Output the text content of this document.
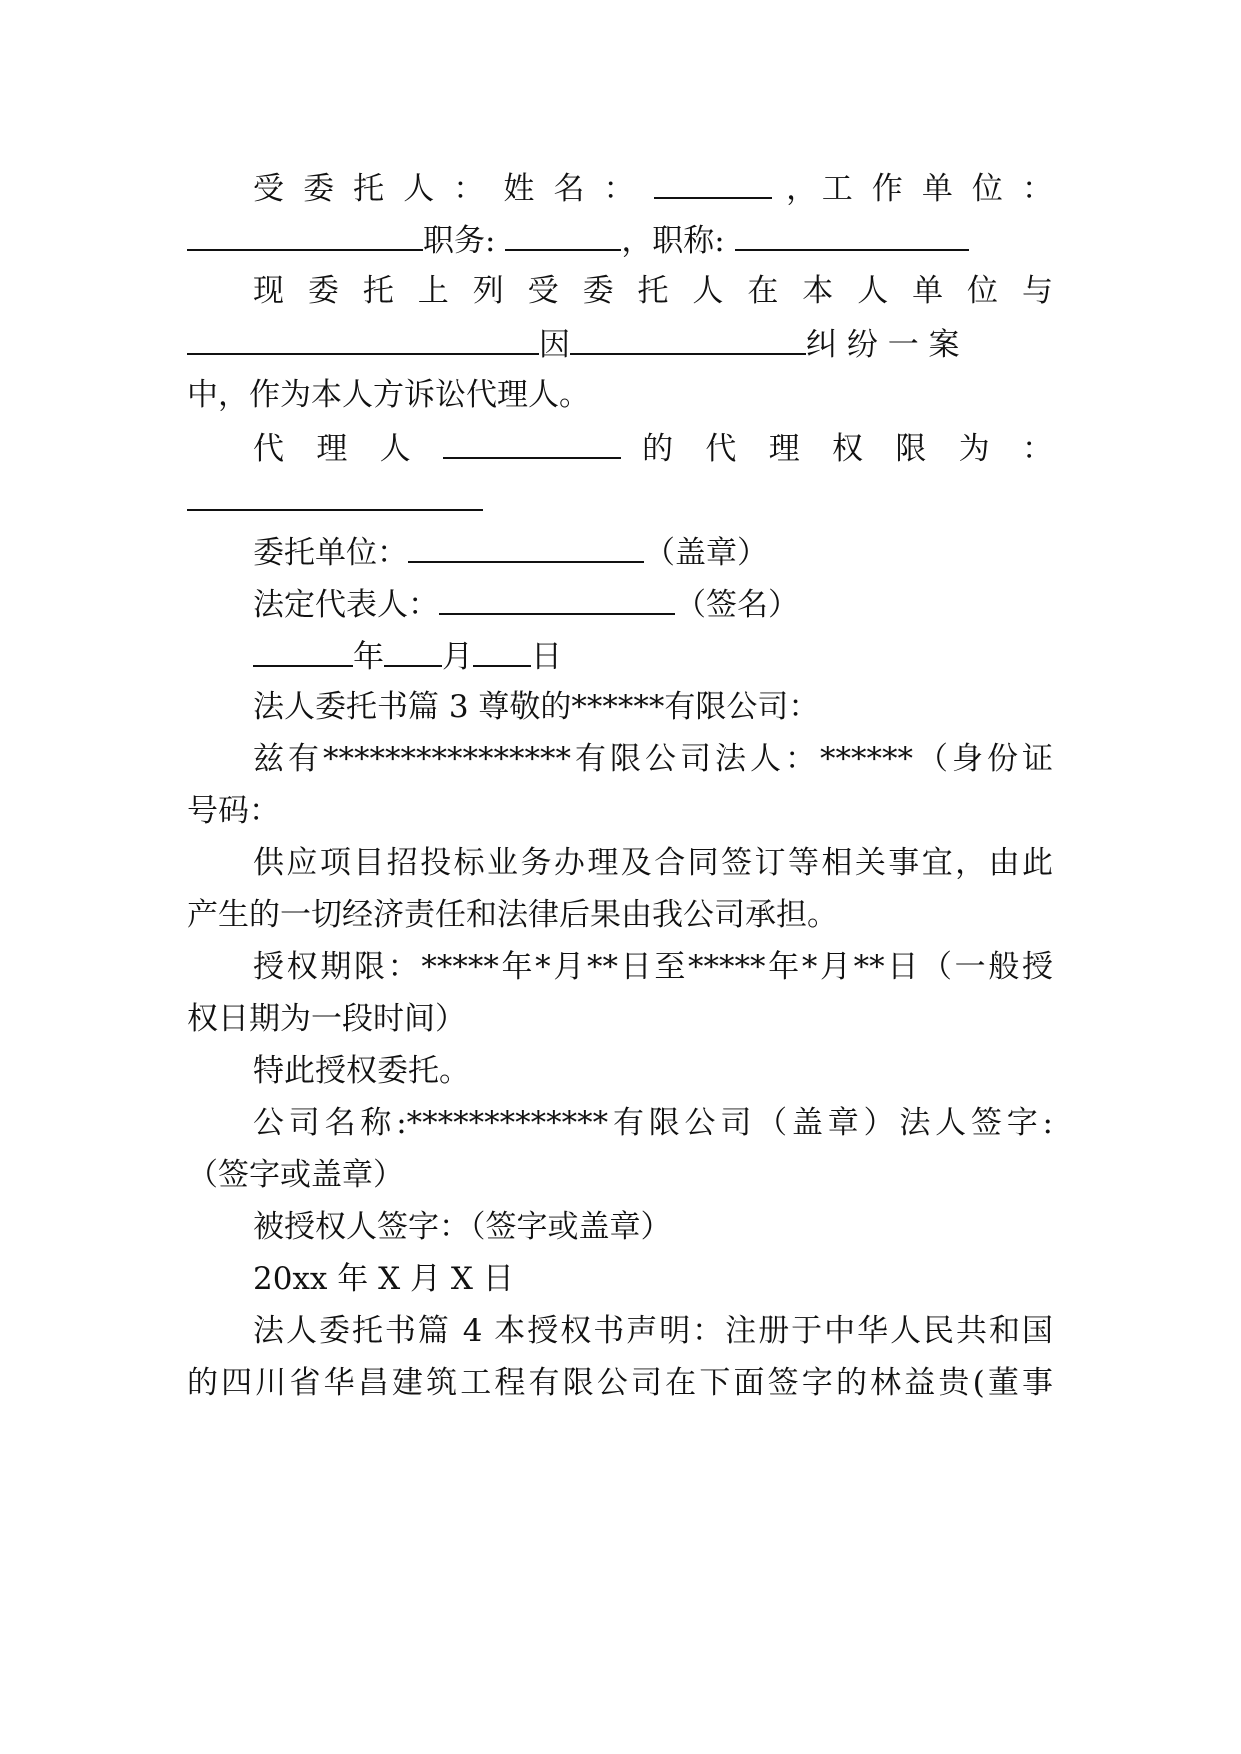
受 委 托 人 ： 姓 名 ：	，工 作 单 位 ：

职务:	，职称:

现 委 托 上 列 受 委 托 人 在 本 人 单 位 与

因	纠 纷 一 案

中，作为本人方诉讼代理人。

代 理 人	的 代 理 权 限 为 ：

委托单位：	（盖章）

法定代表人：	（签名）

年 月 日

法人委托书篇 3 尊敬的******有限公司：

兹有****************有限公司法人：******（身份证

号码：

供应项目招投标业务办理及合同签订等相关事宜，由此

产生的一切经济责任和法律后果由我公司承担。

授权期限：*****年*月**日至*****年*月**日（一般授

权日期为一段时间）

特此授权委托。

公司名称:*************有限公司（盖章）法人签字:

（签字或盖章）

被授权人签字：（签字或盖章）

20xx 年 X 月 X 日

法人委托书篇 4 本授权书声明：注册于中华人民共和国

的四川省华昌建筑工程有限公司在下面签字的林益贵(董事
